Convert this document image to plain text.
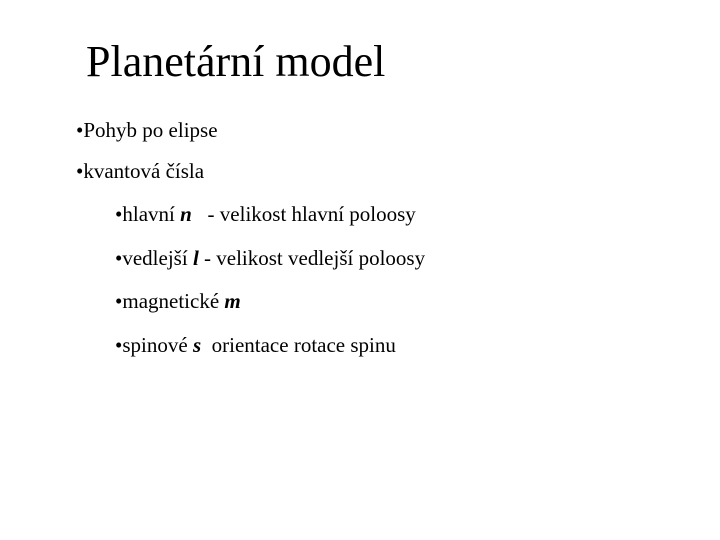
Planetární model
•Pohyb po elipse
•kvantová čísla
•hlavní n   - velikost hlavní poloosy
•vedlejší l - velikost vedlejší poloosy
•magnetické m
•spinové s  orientace rotace spinu
